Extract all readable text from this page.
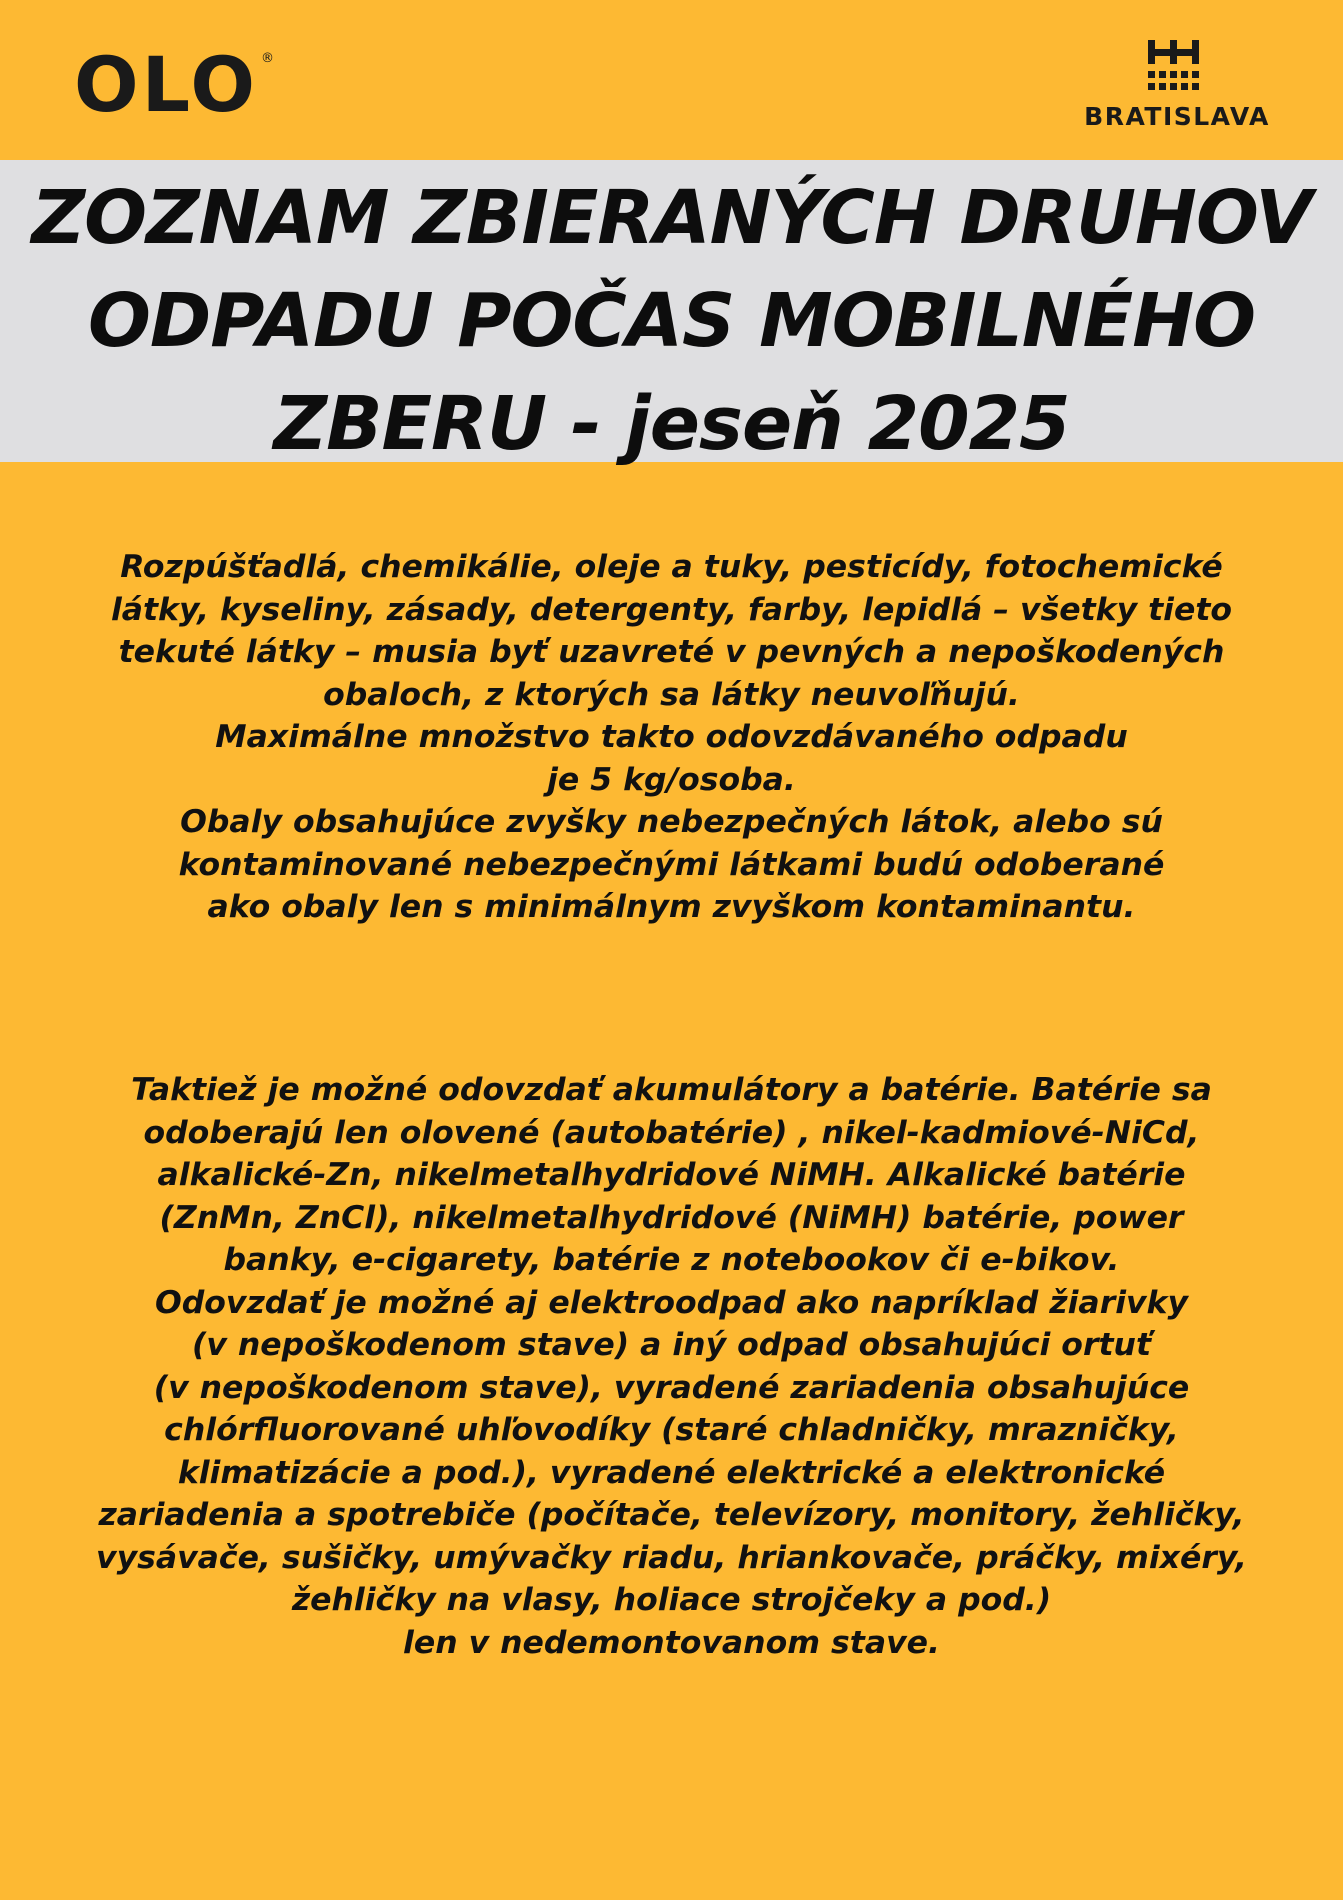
OLO ®
BRATISLAVA
ZOZNAM ZBIERANÝCH DRUHOV
ODPADU POČAS MOBILNÉHO
ZBERU - jeseň 2025
Rozpúšťadlá, chemikálie, oleje a tuky, pesticídy, fotochemické
látky, kyseliny, zásady, detergenty, farby, lepidlá – všetky tieto
tekuté látky – musia byť uzavreté v pevných a nepoškodených
obaloch, z ktorých sa látky neuvoľňujú.
Maximálne množstvo takto odovzdávaného odpadu
je 5 kg/osoba.
Obaly obsahujúce zvyšky nebezpečných látok, alebo sú
kontaminované nebezpečnými látkami budú odoberané
ako obaly len s minimálnym zvyškom kontaminantu.
Taktiež je možné odovzdať akumulátory a batérie. Batérie sa
odoberajú len olovené (autobatérie) , nikel-kadmiové-NiCd,
alkalické-Zn, nikelmetalhydridové NiMH. Alkalické batérie
(ZnMn, ZnCl), nikelmetalhydridové (NiMH) batérie, power
banky, e-cigarety, batérie z notebookov či e-bikov.
Odovzdať je možné aj elektroodpad ako napríklad žiarivky
(v nepoškodenom stave) a iný odpad obsahujúci ortuť
(v nepoškodenom stave), vyradené zariadenia obsahujúce
chlórfluorované uhľovodíky (staré chladničky, mrazničky,
klimatizácie a pod.), vyradené elektrické a elektronické
zariadenia a spotrebiče (počítače, televízory, monitory, žehličky,
vysávače, sušičky, umývačky riadu, hriankovače, práčky, mixéry,
žehličky na vlasy, holiace strojčeky a pod.)
len v nedemontovanom stave.
